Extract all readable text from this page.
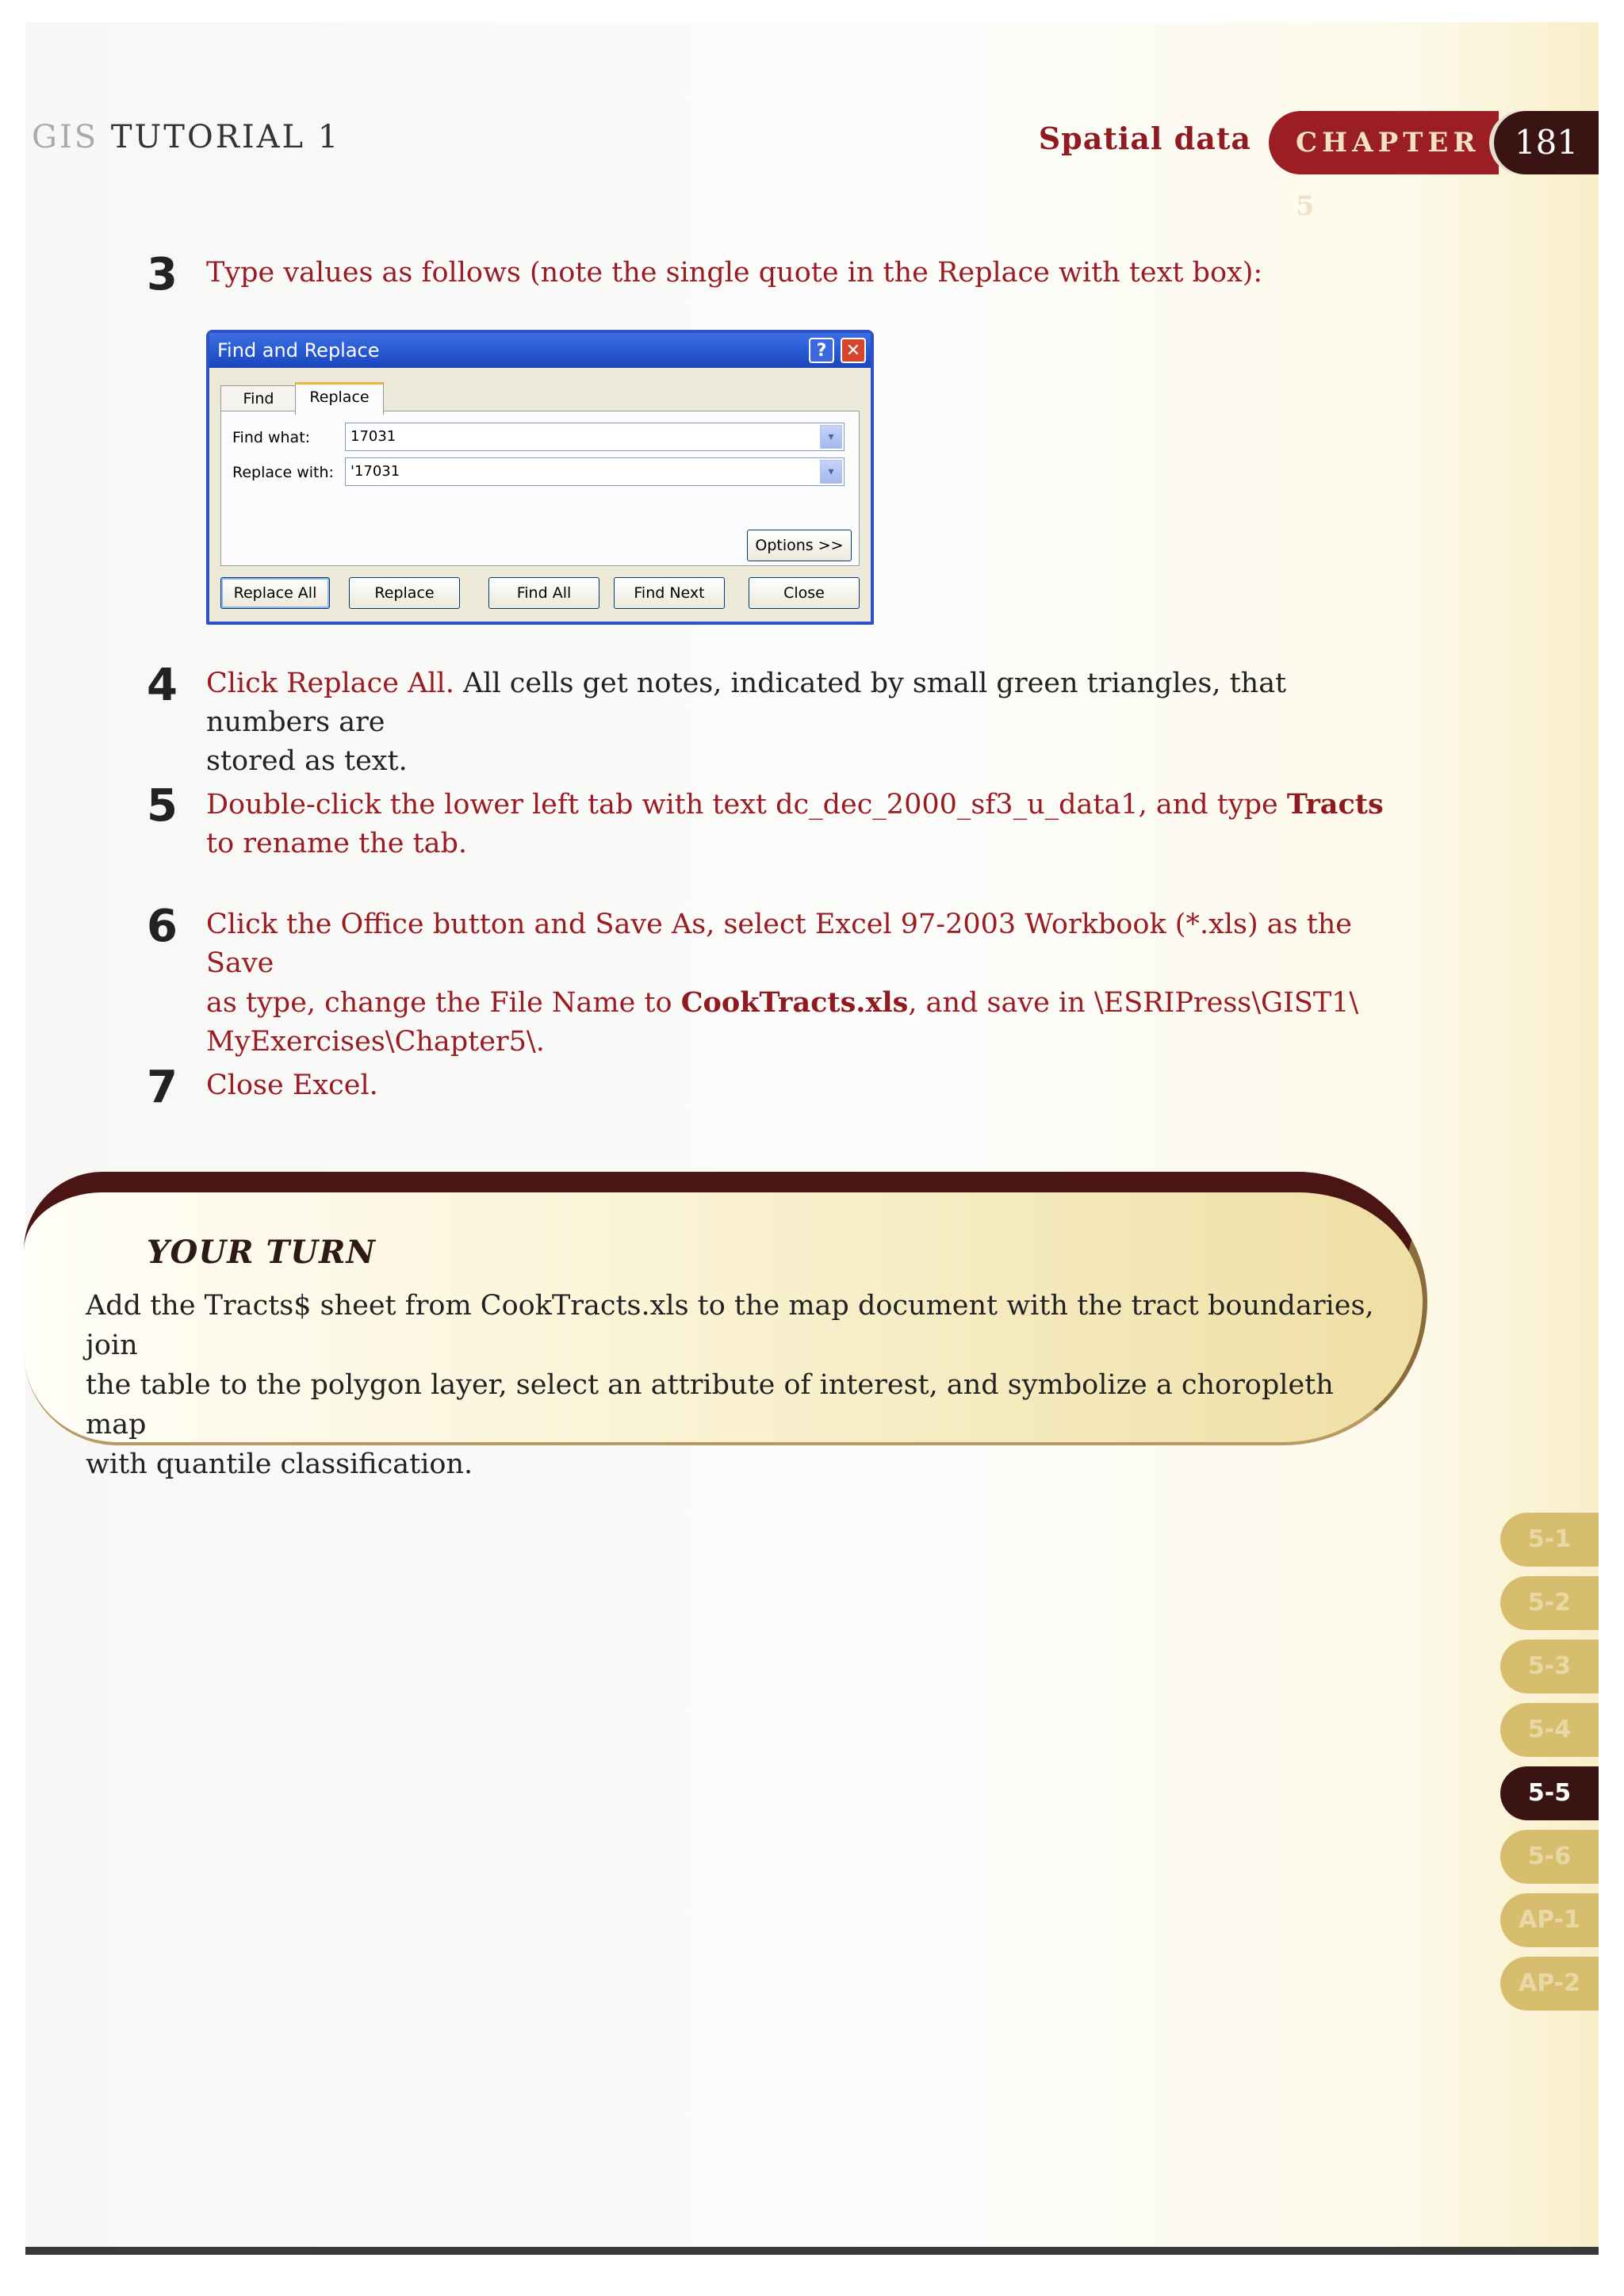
GIS TUTORIAL 1	Spatial data	CHAPTER 5
181
3 Type values as follows (note the single quote in the Replace with text box):
Find and Replace	?	✕
Find	Replace
Find what:	17031	▾
Replace with:	'17031	▾
Options >>
Replace All	Replace	Find All	Find Next	Close
4 Click Replace All. All cells get notes, indicated by small green triangles, that numbers are
stored as text.
5 Double-click the lower left tab with text dc_dec_2000_sf3_u_data1, and type Tracts
to rename the tab.
6 Click the Office button and Save As, select Excel 97-2003 Workbook (*.xls) as the Save
as type, change the File Name to CookTracts.xls, and save in \ESRIPress\GIST1\
MyExercises\Chapter5\.
7 Close Excel.
YOUR TURN
Add the Tracts$ sheet from CookTracts.xls to the map document with the tract boundaries, join
the table to the polygon layer, select an attribute of interest, and symbolize a choropleth map
with quantile classification.
5-1
5-2
5-3
5-4
5-5
5-6
AP-1
AP-2
